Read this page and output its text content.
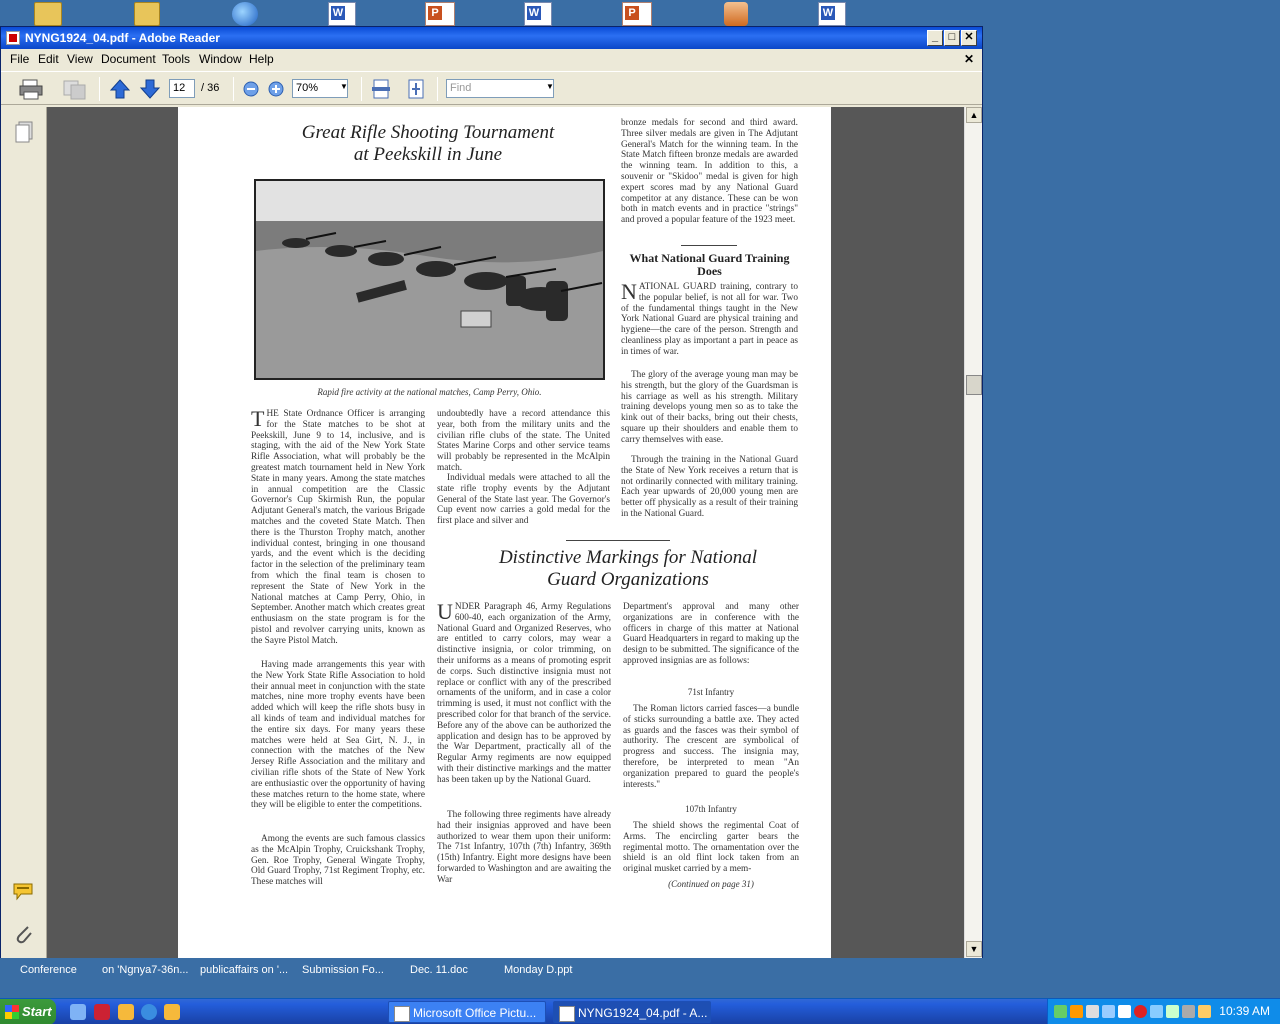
W
P
W
P
W
Conference on 'Ngnya7-36n... publicaffairs on '... Submission Fo... Dec. 11.doc	Monday D.ppt
NYNG1924_04.pdf - Adobe Reader	_ □ ✕
File Edit View Document Tools Window Help	✕
12	/ 36	70%	▼	Find	▼
Great Rifle Shooting Tournament
at Peekskill in June
Rapid fire activity at the national matches, Camp Perry, Ohio.
THE State Ordnance Officer is arranging for the State matches to be shot at Peekskill, June 9 to 14, inclusive, and is staging, with the aid of the New York State Rifle Association, what will probably be the greatest match tournament held in New York State in many years. Among the state matches in annual competition are the Classic Governor's Cup Skirmish Run, the popular Adjutant General's match, the various Brigade matches and the coveted State Match. Then there is the Thurston Trophy match, another individual contest, bringing in one thousand yards, and the event which is the deciding factor in the selection of the preliminary team from which the final team is chosen to represent the State of New York in the National matches at Camp Perry, Ohio, in September. Another match which creates great enthusiasm on the state program is for the pistol and revolver carrying units, known as the Sayre Pistol Match.

Having made arrangements this year with the New York State Rifle Association to hold their annual meet in conjunction with the state matches, nine more trophy events have been added which will keep the rifle shots busy in all kinds of team and individual matches for the entire six days. For many years these matches were held at Sea Girt, N. J., in connection with the matches of the New Jersey Rifle Association and the military and civilian rifle shots of the State of New York are enthusiastic over the opportunity of having these matches return to the home state, where they will be eligible to enter the competitions.

Among the events are such famous classics as the McAlpin Trophy, Cruickshank Trophy, Gen. Roe Trophy, General Wingate Trophy, Old Guard Trophy, 71st Regiment Trophy, etc. These matches will

undoubtedly have a record attendance this year, both from the military units and the civilian rifle clubs of the state. The United States Marine Corps and other service teams will probably be represented in the McAlpin match.

Individual medals were attached to all the state rifle trophy events by the Adjutant General of the State last year. The Governor's Cup event now carries a gold medal for the first place and silver and

bronze medals for second and third award. Three silver medals are given in The Adjutant General's Match for the winning team. In the State Match fifteen bronze medals are awarded the winning team. In addition to this, a souvenir or "Skidoo" medal is given for high expert scores mad by any National Guard competitor at any distance. These can be won both in match events and in practice "strings" and proved a popular feature of the 1923 meet.
What National Guard Training Does
NATIONAL GUARD training, contrary to the popular belief, is not all for war. Two of the fundamental things taught in the New York National Guard are physical training and hygiene—the care of the person. Strength and cleanliness play as important a part in peace as in times of war.

The glory of the average young man may be his strength, but the glory of the Guardsman is his carriage as well as his strength. Military training develops young men so as to take the kink out of their backs, bring out their chests, square up their shoulders and enable them to carry themselves with ease.

Through the training in the National Guard the State of New York receives a return that is not ordinarily connected with military training. Each year upwards of 20,000 young men are better off physically as a result of their training in the National Guard.

Distinctive Markings for National
Guard Organizations
UNDER Paragraph 46, Army Regulations 600-40, each organization of the Army, National Guard and Organized Reserves, who are entitled to carry colors, may wear a distinctive insignia, or color trimming, on their uniforms as a means of promoting esprit de corps. Such distinctive insignia must not replace or conflict with any of the prescribed ornaments of the uniform, and in case a color trimming is used, it must not conflict with the prescribed color for that branch of the service. Before any of the above can be authorized the application and design has to be approved by the War Department, practically all of the Regular Army regiments are now equipped with their distinctive markings and the matter has been taken up by the National Guard.

The following three regiments have already had their insignias approved and have been authorized to wear them upon their uniform: The 71st Infantry, 107th (7th) Infantry, 369th (15th) Infantry. Eight more designs have been forwarded to Washington and are awaiting the War

Department's approval and many other organizations are in conference with the officers in charge of this matter at National Guard Headquarters in regard to making up the design to be submitted. The significance of the approved insignias are as follows:
71st Infantry

The Roman lictors carried fasces—a bundle of sticks surrounding a battle axe. They acted as guards and the fasces was their symbol of authority. The crescent are symbolical of progress and success. The insignia may, therefore, be interpreted to mean "An organization prepared to guard the people's interests."

107th Infantry

The shield shows the regimental Coat of Arms. The encircling garter bears the regimental motto. The ornamentation over the shield is an old flint lock taken from an original musket carried by a mem-

(Continued on page 31)
▲
▼
Start	Microsoft Office Pictu...	NYNG1924_04.pdf - A...	10:39 AM
